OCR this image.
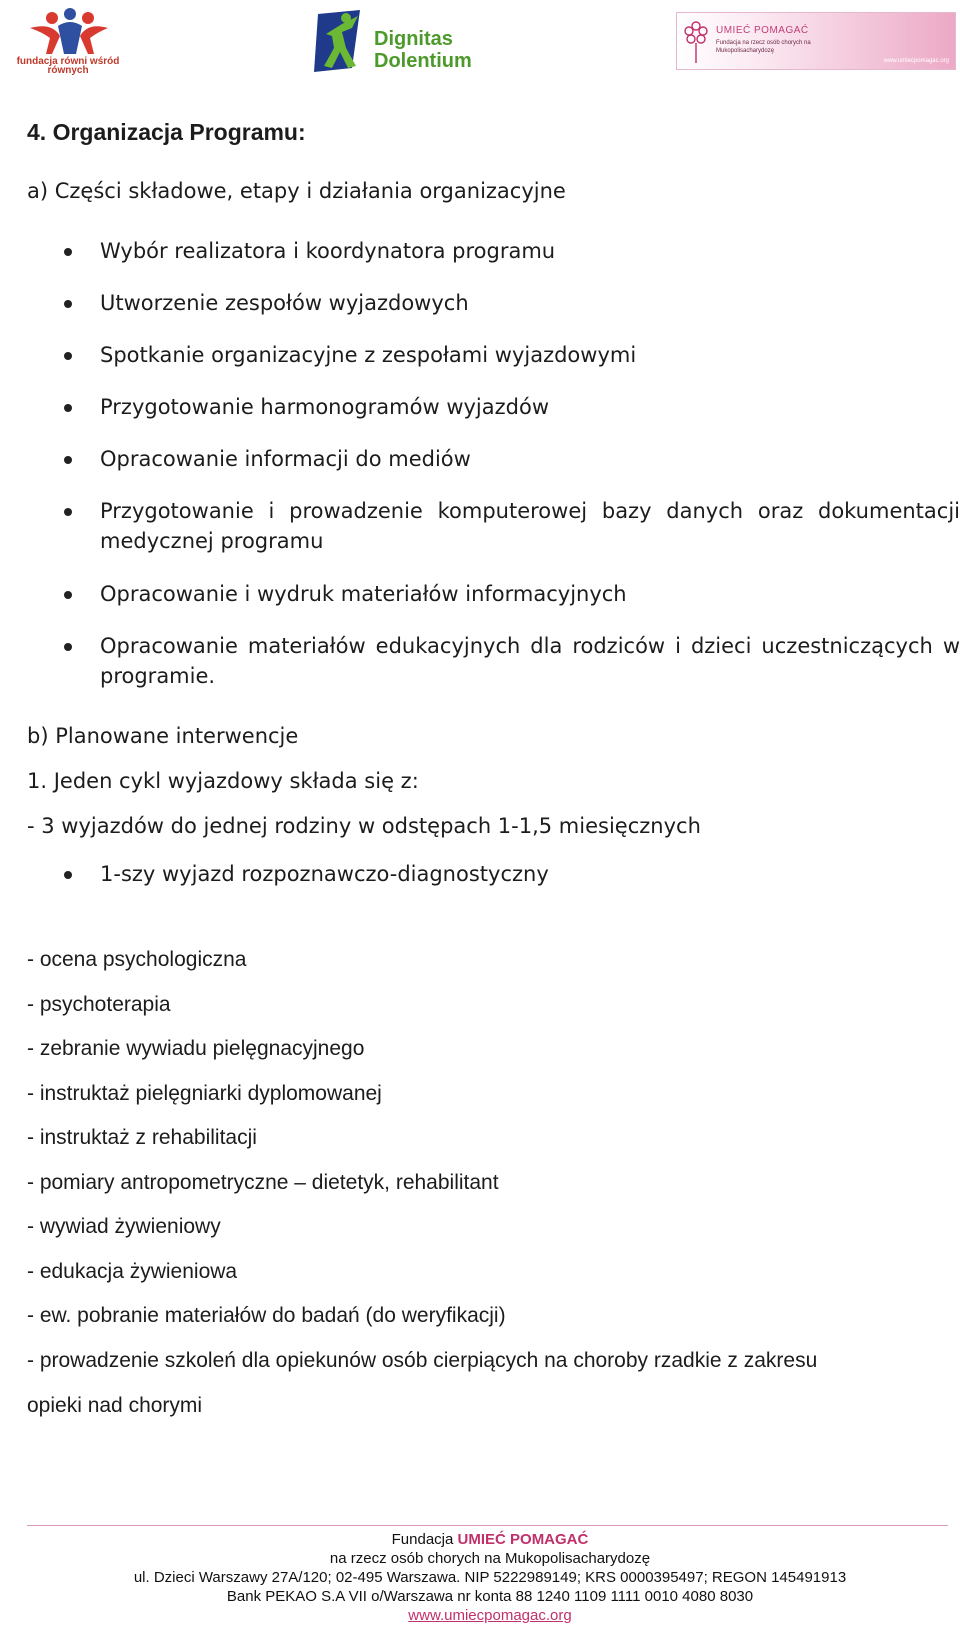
fundacja równi wśród równych
Dignitas
Dolentium
UMIEĆ POMAGAĆ
Fundacja na rzecz osób chorych na Mukopolisacharydozę
www.umiecpomagac.org
4. Organizacja Programu:
a) Części składowe, etapy i działania organizacyjne
Wybór realizatora i koordynatora programu
Utworzenie zespołów wyjazdowych
Spotkanie organizacyjne z zespołami wyjazdowymi
Przygotowanie harmonogramów wyjazdów
Opracowanie informacji do mediów
Przygotowanie i prowadzenie komputerowej bazy danych oraz dokumentacji medycznej programu
Opracowanie i wydruk materiałów informacyjnych
Opracowanie materiałów edukacyjnych dla rodziców i dzieci uczestniczących w programie.
b) Planowane interwencje
1. Jeden cykl wyjazdowy składa się z:
- 3 wyjazdów do jednej rodziny w odstępach 1-1,5 miesięcznych
1-szy wyjazd rozpoznawczo-diagnostyczny
- ocena psychologiczna
- psychoterapia
- zebranie wywiadu pielęgnacyjnego
- instruktaż pielęgniarki dyplomowanej
- instruktaż z rehabilitacji
- pomiary antropometryczne – dietetyk, rehabilitant
- wywiad żywieniowy
- edukacja żywieniowa
- ew. pobranie materiałów do badań (do weryfikacji)
- prowadzenie szkoleń dla opiekunów osób cierpiących na choroby rzadkie z zakresu
opieki nad chorymi
Fundacja UMIEĆ POMAGAĆ
na rzecz osób chorych na Mukopolisacharydozę
ul. Dzieci Warszawy 27A/120; 02-495 Warszawa. NIP 5222989149; KRS 0000395497; REGON 145491913
Bank PEKAO S.A VII o/Warszawa nr konta 88 1240 1109 1111 0010 4080 8030
www.umiecpomagac.org
